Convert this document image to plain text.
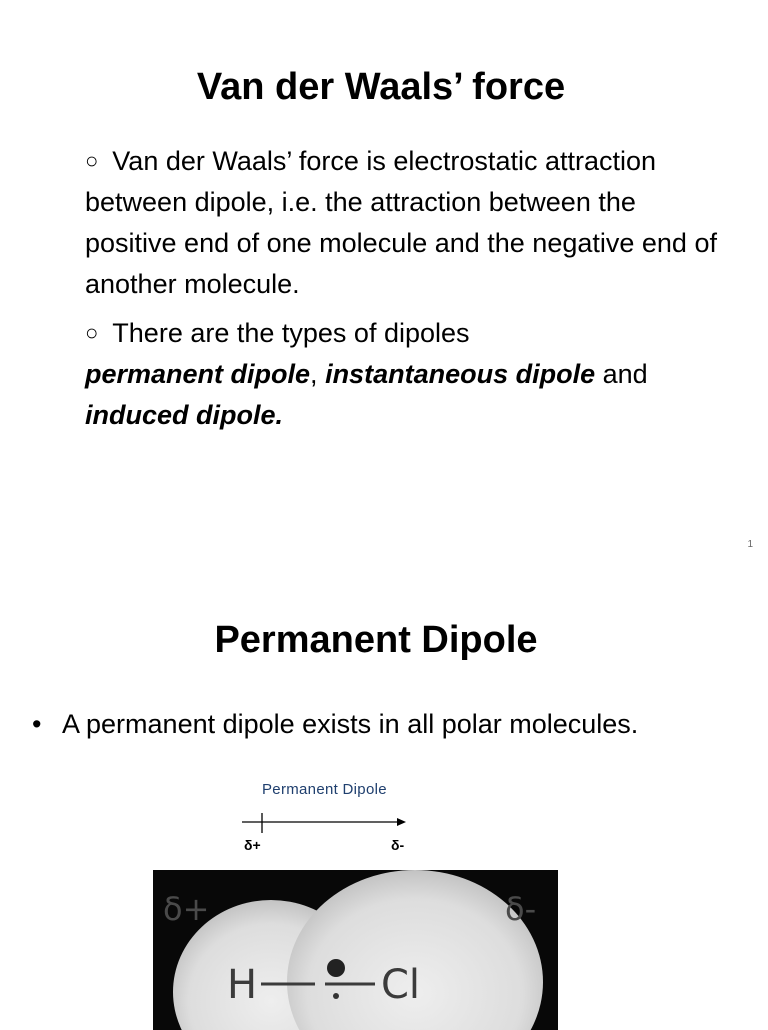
Van der Waals’ force

○ Van der Waals’ force is electrostatic attraction between dipole, i.e. the attraction between the positive end of one molecule and the negative end of another molecule.

○ There are the types of dipoles
permanent dipole, instantaneous dipole and
induced dipole.

1
Permanent Dipole
• A permanent dipole exists in all polar molecules.
Permanent Dipole
δ+	δ-
δ+	δ-
H	Cl
